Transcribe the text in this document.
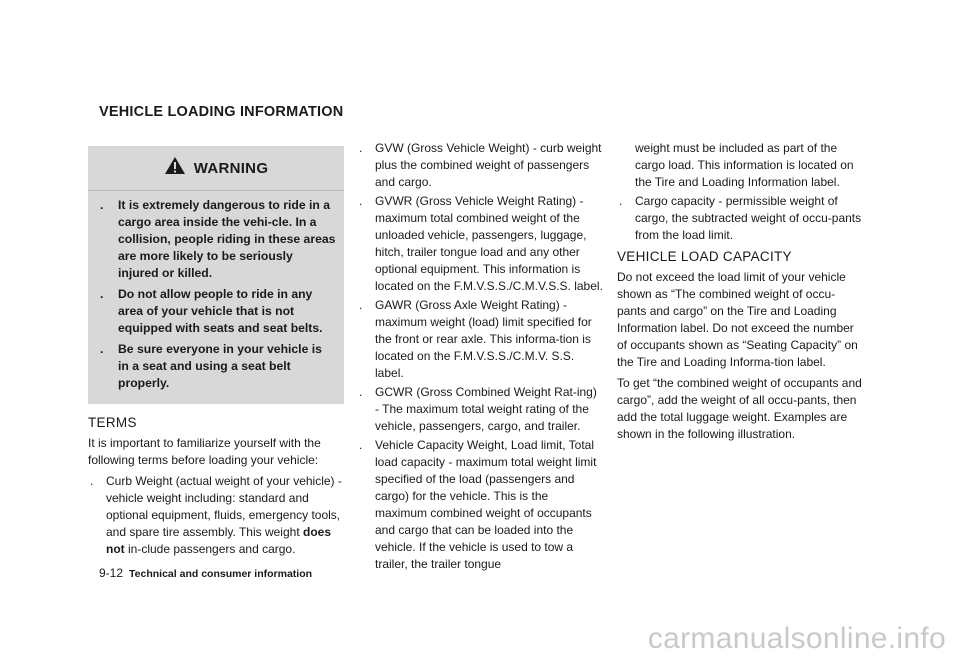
VEHICLE LOADING INFORMATION
WARNING
. It is extremely dangerous to ride in a cargo area inside the vehi-cle. In a collision, people riding in these areas are more likely to be seriously injured or killed.
. Do not allow people to ride in any area of your vehicle that is not equipped with seats and seat belts.
. Be sure everyone in your vehicle is in a seat and using a seat belt properly.
TERMS

It is important to familiarize yourself with the following terms before loading your vehicle:

. Curb Weight (actual weight of your vehicle) - vehicle weight including: standard and optional equipment, fluids, emergency tools, and spare tire assembly. This weight does not in-clude passengers and cargo.
. GVW (Gross Vehicle Weight) - curb weight plus the combined weight of passengers and cargo.
. GVWR (Gross Vehicle Weight Rating) - maximum total combined weight of the unloaded vehicle, passengers, luggage, hitch, trailer tongue load and any other optional equipment. This information is located on the F.M.V.S.S./C.M.V.S.S. label.
. GAWR (Gross Axle Weight Rating) - maximum weight (load) limit specified for the front or rear axle. This informa-tion is located on the F.M.V.S.S./C.M.V. S.S. label.
. GCWR (Gross Combined Weight Rat-ing) - The maximum total weight rating of the vehicle, passengers, cargo, and trailer.
. Vehicle Capacity Weight, Load limit, Total load capacity - maximum total weight limit specified of the load (passengers and cargo) for the vehicle. This is the maximum combined weight of occupants and cargo that can be loaded into the vehicle. If the vehicle is used to tow a trailer, the trailer tongue

weight must be included as part of the cargo load. This information is located on the Tire and Loading Information label.

. Cargo capacity - permissible weight of cargo, the subtracted weight of occu-pants from the load limit.
VEHICLE LOAD CAPACITY

Do not exceed the load limit of your vehicle shown as “The combined weight of occu-pants and cargo” on the Tire and Loading Information label. Do not exceed the number of occupants shown as “Seating Capacity” on the Tire and Loading Informa-tion label.

To get “the combined weight of occupants and cargo”, add the weight of all occu-pants, then add the total luggage weight. Examples are shown in the following illustration.

9-12 Technical and consumer information
carmanualsonline.info
